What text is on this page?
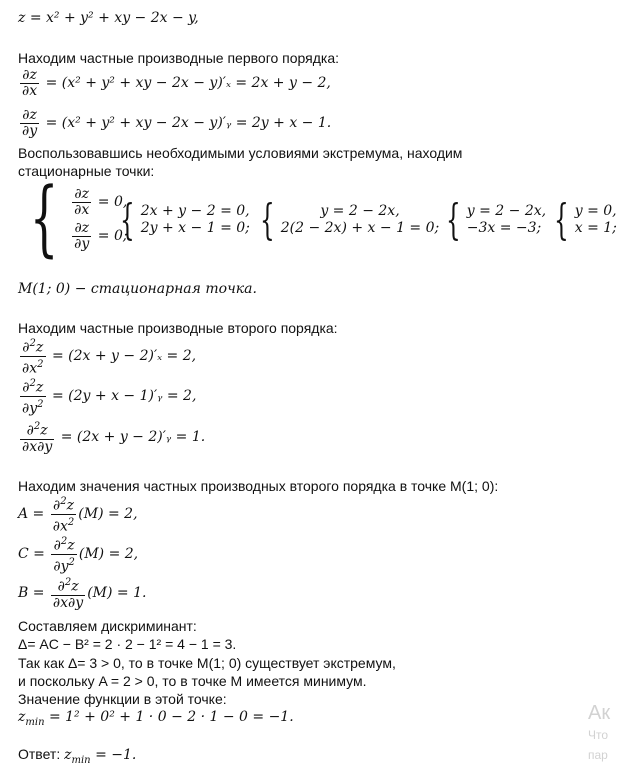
z = x² + y² + xy − 2x − y,
Находим частные производные первого порядка:
$\frac{\partial z}{\partial x} = (x^2 + y^2$ + xy − 2x − y)′ₓ = 2x + y − 2,
$\frac{\partial z}{\partial y} = (x^2 + y^2$ + xy − 2x − y)′ᵧ = 2y + x − 1.
Воспользовавшись необходимыми условиями экстремума, находим
стационарные точки:
{ $\frac{\partial z}{\partial x} = 0$,
$\frac{\partial z}{\partial y} = 0$;
{ 2x + y − 2 = 0,
2y + x − 1 = 0; {	y = 2 − 2x,
2(2 − 2x) + x − 1 = 0; { y = 2 − 2x,
−3x = −3; { y = 0,
x = 1;
M(1; 0) − стационарная точка.
Находим частные производные второго порядка:
$\frac{\partial^2z}{\partial x^2} = (2x + y - 2)'_x = 2$,
$\frac{\partial^2z}{\partial y^2} = (2y + x$ − 1)′ᵧ = 2,
$\frac{\partial^2z}{\partial x\partial y} = (2x + y$ − 2)′ᵧ = 1.
Находим значения частных производных второго порядка в точке M(1; 0):
$A = \frac{\partial^2z}{\partial x^2} (M) = 2$,
$C = \frac{\partial^2z}{\partial y^2} (M) = 2$,
$B = \frac{\partial^2z}{\partial x\partial y} (M) = 1$.
Составляем дискриминант:
Δ= AC − B² = 2 · 2 − 1² = 4 − 1 = 3.
Так как Δ= 3 > 0, то в точке M(1; 0) существует экстремум,
и поскольку A = 2 > 0, то в точке M имеется минимум.
Значение функции в этой точке:
$z_{min} = 1^2 + 0^2 + 1 \cdot 0 - 2 \cdot 1 - 0 = -1$.
Ответ: $z_{min} = -1$.
Ак
Что
пар
